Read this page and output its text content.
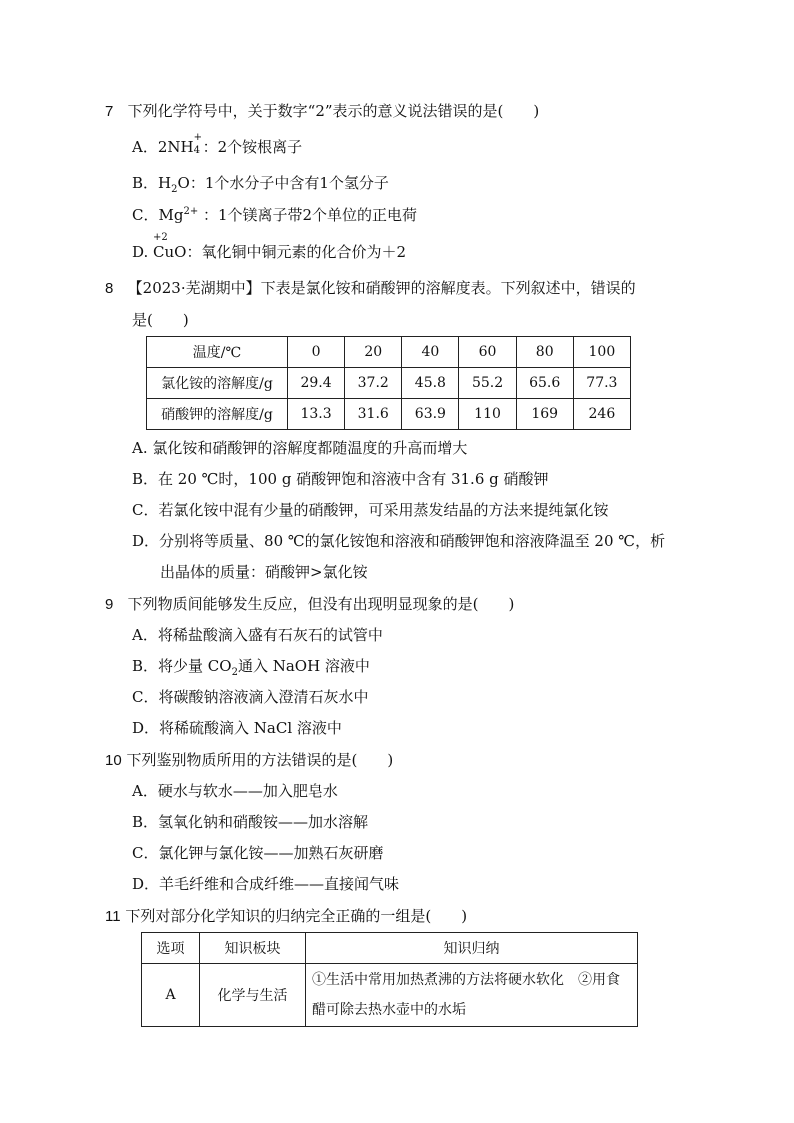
7 下列化学符号中，关于数字“2”表示的意义说法错误的是(　　)
A．2NH
+
4 ：2个铵根离子
B．$H_2O$：1个水分子中含有1个氢分子
C．$Mg^{2+}$ ：1个镁离子带2个单位的正电荷
D.
+2
CuO：氧化铜中铜元素的化合价为＋2
8 【2023·芜湖期中】下表是氯化铵和硝酸钾的溶解度表。下列叙述中，错误的
是(　　)
温度/℃	0	20	40	60	80	100
氯化铵的溶解度/g	29.4	37.2	45.8	55.2	65.6	77.3
硝酸钾的溶解度/g	13.3	31.6	63.9	110	169	246
A. 氯化铵和硝酸钾的溶解度都随温度的升高而增大
B．在 20 ℃时，100 g 硝酸钾饱和溶液中含有 31.6 g 硝酸钾
C．若氯化铵中混有少量的硝酸钾，可采用蒸发结晶的方法来提纯氯化铵
D．分别将等质量、80 ℃的氯化铵饱和溶液和硝酸钾饱和溶液降温至 20 ℃，析
出晶体的质量：硝酸钾>氯化铵
9 下列物质间能够发生反应，但没有出现明显现象的是(　　)
A．将稀盐酸滴入盛有石灰石的试管中
B．将少量 $CO_2$通入 NaOH 溶液中
C．将碳酸钠溶液滴入澄清石灰水中
D．将稀硫酸滴入 NaCl 溶液中
10 下列鉴别物质所用的方法错误的是(　　)
A．硬水与软水——加入肥皂水
B．氢氧化钠和硝酸铵——加水溶解
C．氯化钾与氯化铵——加熟石灰研磨
D．羊毛纤维和合成纤维——直接闻气味
11 下列对部分化学知识的归纳完全正确的一组是(　　)
选项	知识板块	知识归纳
A	化学与生活	①生活中常用加热煮沸的方法将硬水软化　②用食醋可除去热水壶中的水垢
